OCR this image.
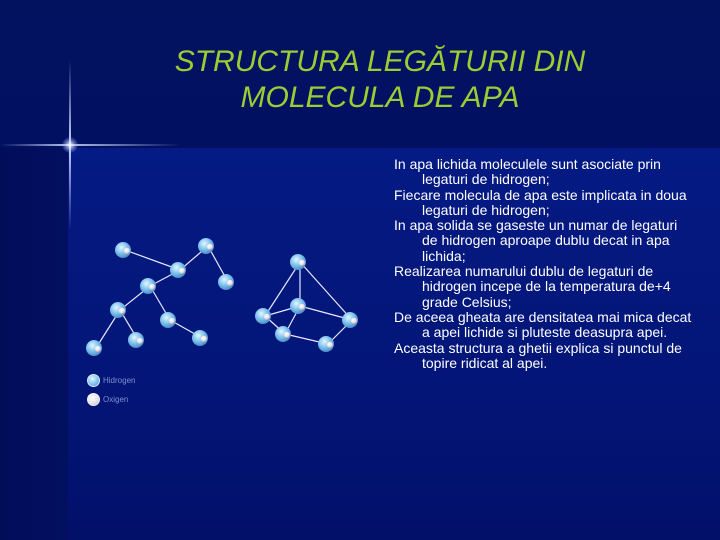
STRUCTURA LEGĂTURII DIN
MOLECULA DE APA
Hidrogen
Oxigen
In apa lichida moleculele sunt asociate prin legaturi de hidrogen;
Fiecare molecula de apa este implicata in doua legaturi de hidrogen;
In apa solida se gaseste un numar de legaturi de hidrogen aproape dublu decat in apa lichida;
Realizarea numarului dublu de legaturi de hidrogen incepe de la temperatura de+4 grade Celsius;
De aceea gheata are densitatea mai mica decat a apei lichide si pluteste deasupra apei.
Aceasta structura a ghetii explica si punctul de topire ridicat al apei.
